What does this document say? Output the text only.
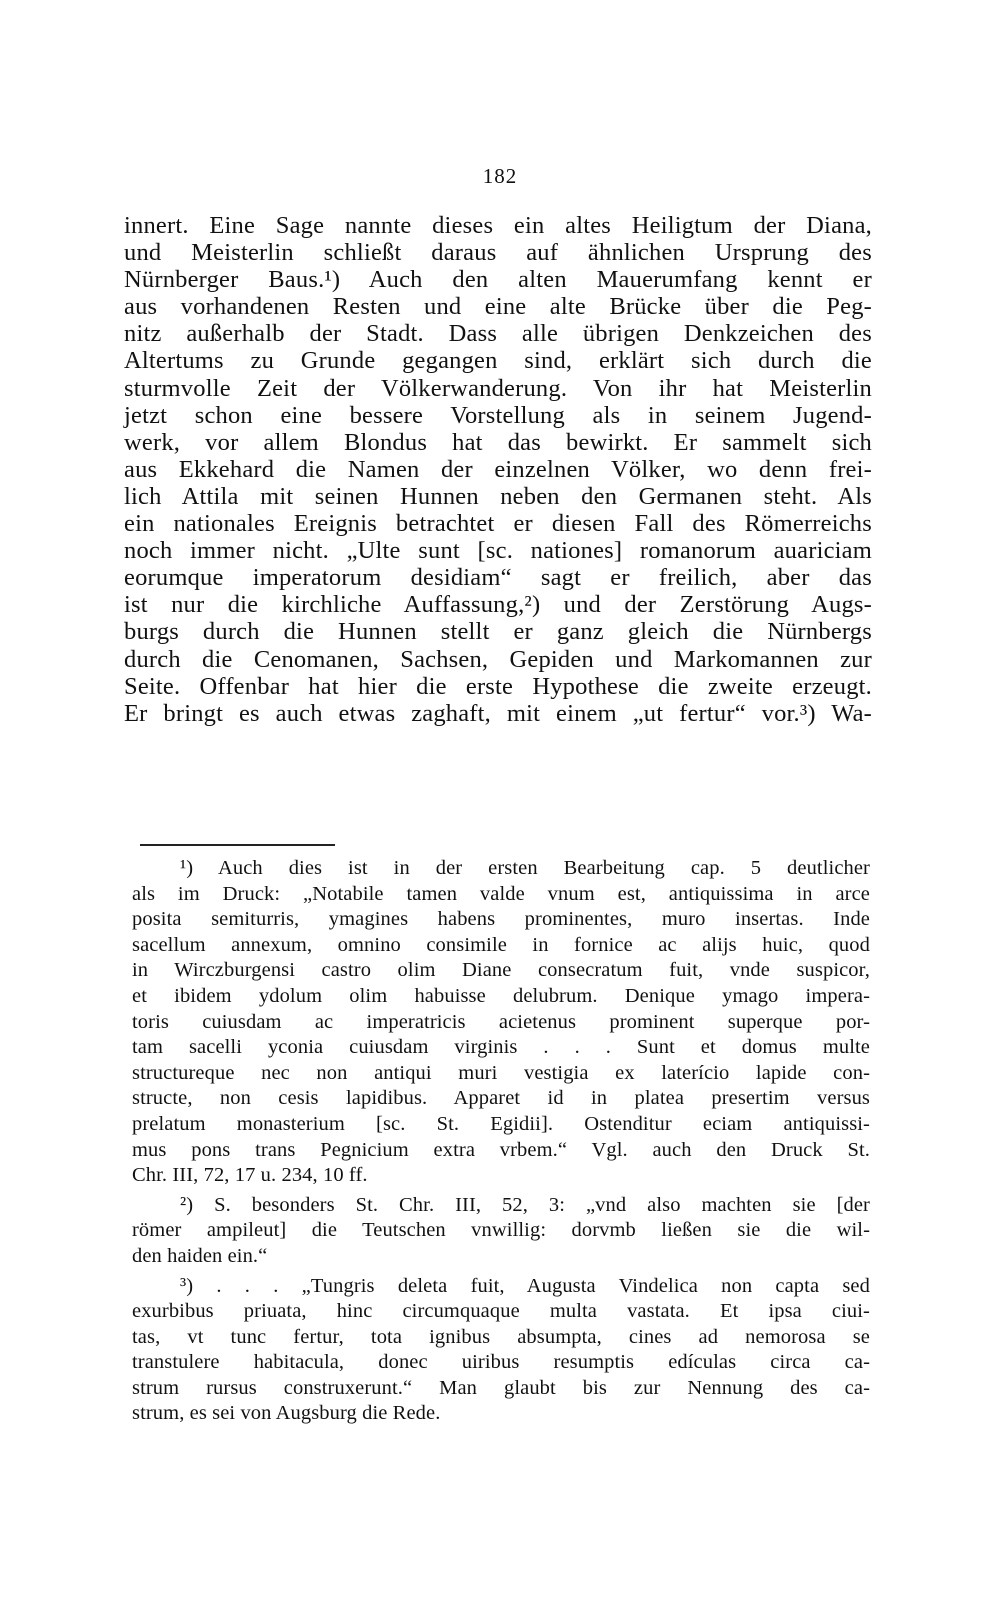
182
innert. Eine Sage nannte dieses ein altes Heiligtum der Diana,
und Meisterlin schließt daraus auf ähnlichen Ursprung des
Nürnberger Baus.¹) Auch den alten Mauerumfang kennt er
aus vorhandenen Resten und eine alte Brücke über die Peg-
nitz außerhalb der Stadt. Dass alle übrigen Denkzeichen des
Altertums zu Grunde gegangen sind, erklärt sich durch die
sturmvolle Zeit der Völkerwanderung. Von ihr hat Meisterlin
jetzt schon eine bessere Vorstellung als in seinem Jugend-
werk, vor allem Blondus hat das bewirkt. Er sammelt sich
aus Ekkehard die Namen der einzelnen Völker, wo denn frei-
lich Attila mit seinen Hunnen neben den Germanen steht. Als
ein nationales Ereignis betrachtet er diesen Fall des Römerreichs
noch immer nicht. „Ulte sunt [sc. nationes] romanorum auariciam
eorumque imperatorum desidiam“ sagt er freilich, aber das
ist nur die kirchliche Auffassung,²) und der Zerstörung Augs-
burgs durch die Hunnen stellt er ganz gleich die Nürnbergs
durch die Cenomanen, Sachsen, Gepiden und Markomannen zur
Seite. Offenbar hat hier die erste Hypothese die zweite erzeugt.
Er bringt es auch etwas zaghaft, mit einem „ut fertur“ vor.³) Wa-
¹) Auch dies ist in der ersten Bearbeitung cap. 5 deutlicher
als im Druck: „Notabile tamen valde vnum est, antiquissima in arce
posita semiturris, ymagines habens prominentes, muro insertas. Inde
sacellum annexum, omnino consimile in fornice ac alijs huic, quod
in Wirczburgensi castro olim Diane consecratum fuit, vnde suspicor,
et ibidem ydolum olim habuisse delubrum. Denique ymago impera-
toris cuiusdam ac imperatricis acietenus prominent superque por-
tam sacelli yconia cuiusdam virginis . . . Sunt et domus multe
structureque nec non antiqui muri vestigia ex laterício lapide con-
structe, non cesis lapidibus. Apparet id in platea presertim versus
prelatum monasterium [sc. St. Egidii]. Ostenditur eciam antiquissi-
mus pons trans Pegnicium extra vrbem.“ Vgl. auch den Druck St.
Chr. III, 72, 17 u. 234, 10 ff.
²) S. besonders St. Chr. III, 52, 3: „vnd also machten sie [der
römer ampileut] die Teutschen vnwillig: dorvmb ließen sie die wil-
den haiden ein.“
³) . . . „Tungris deleta fuit, Augusta Vindelica non capta sed
exurbibus priuata, hinc circumquaque multa vastata. Et ipsa ciui-
tas, vt tunc fertur, tota ignibus absumpta, cines ad nemorosa se
transtulere habitacula, donec uiribus resumptis edículas circa ca-
strum rursus construxerunt.“ Man glaubt bis zur Nennung des ca-
strum, es sei von Augsburg die Rede.
